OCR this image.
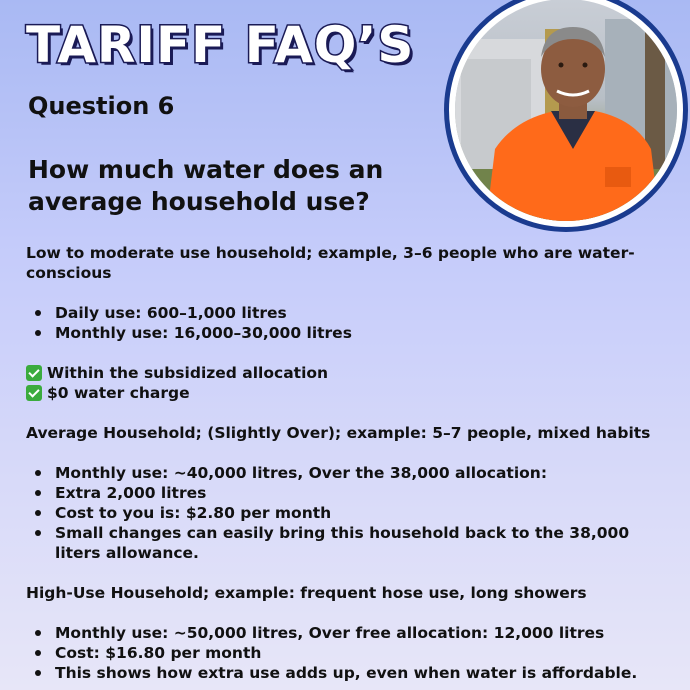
TARIFF FAQ’S
Question 6
How much water does an average household use?
Low to moderate use household; example, 3–6 people who are water-conscious
Daily use: 600–1,000 litres
Monthly use: 16,000–30,000 litres
Within the subsidized allocation
$0 water charge
Average Household; (Slightly Over); example: 5–7 people, mixed habits
Monthly use: ~40,000 litres, Over the 38,000 allocation:
Extra 2,000 litres
Cost to you is: $2.80 per month
Small changes can easily bring this household back to the 38,000 liters allowance.
High-Use Household; example: frequent hose use, long showers
Monthly use: ~50,000 litres, Over free allocation: 12,000 litres
Cost: $16.80 per month
This shows how extra use adds up, even when water is affordable.
